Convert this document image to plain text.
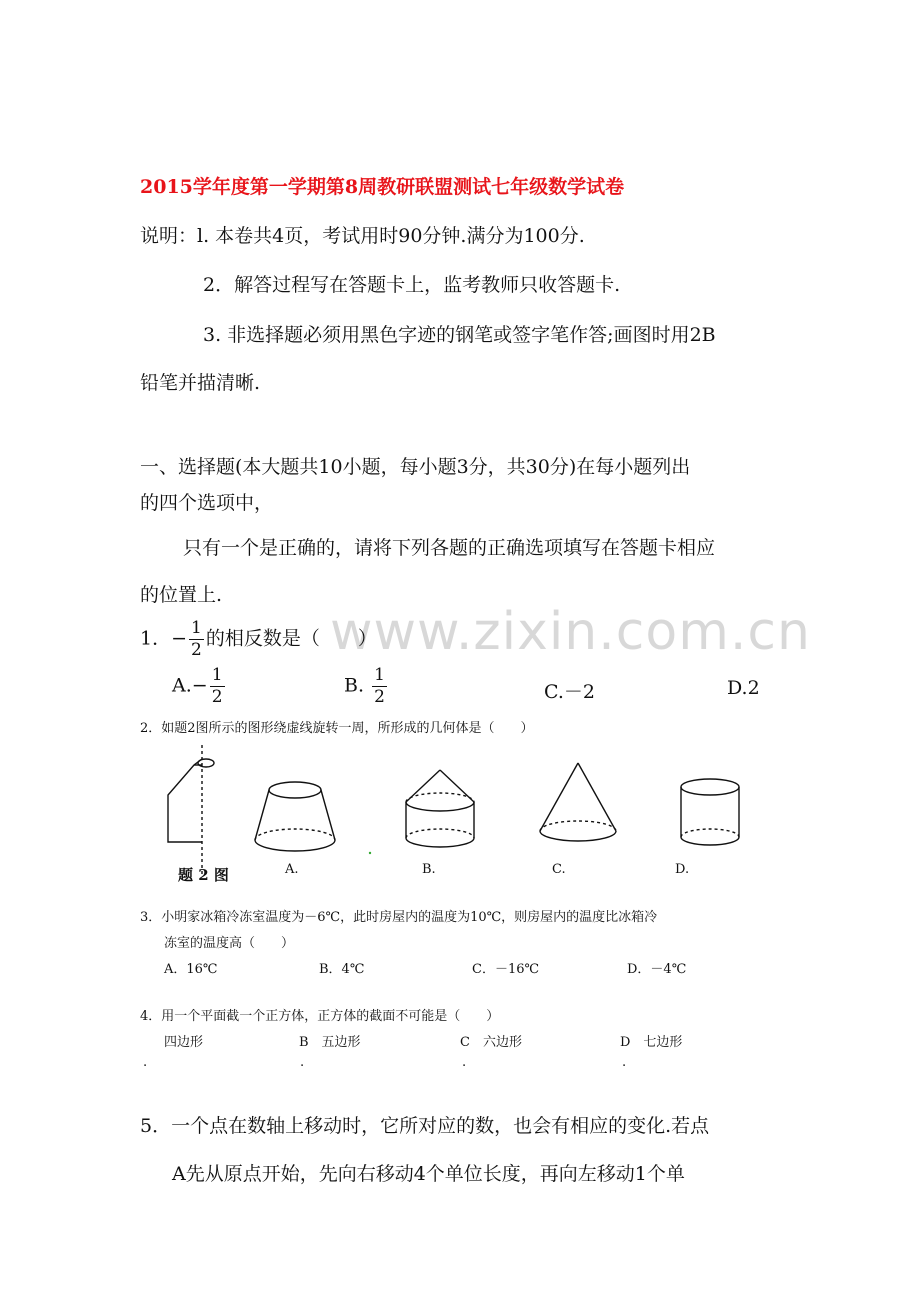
2015学年度第一学期第8周教研联盟测试七年级数学试卷
说明：l. 本卷共4页，考试用时90分钟.满分为100分.
2．解答过程写在答题卡上，监考教师只收答题卡.
3. 非选择题必须用黑色字迹的钢笔或签字笔作答;画图时用2B
铅笔并描清晰.
一、选择题(本大题共10小题，每小题3分，共30分)在每小题列出
的四个选项中，
只有一个是正确的，请将下列各题的正确选项填写在答题卡相应
的位置上.
www.zixin.com.cn
1．− $\frac{1}{2}$ 的相反数是（　　）
$A.- \frac{1}{2}$	B. $\frac{1}{2}$	C.－2	D.2
2．如题2图所示的图形绕虚线旋转一周，所形成的几何体是（　　）
题 2 图	A.	B.	C.	D.
3．小明家冰箱冷冻室温度为－6℃，此时房屋内的温度为10℃，则房屋内的温度比冰箱冷
冻室的温度高（　　）
A．16℃	B．4℃	C．－16℃	D．－4℃
4．用一个平面截一个正方体，正方体的截面不可能是（　　）
四边形	B　五边形	C　六边形	D　七边形
.	.	.	.
5．一个点在数轴上移动时，它所对应的数，也会有相应的变化.若点
A先从原点开始，先向右移动4个单位长度，再向左移动1个单
